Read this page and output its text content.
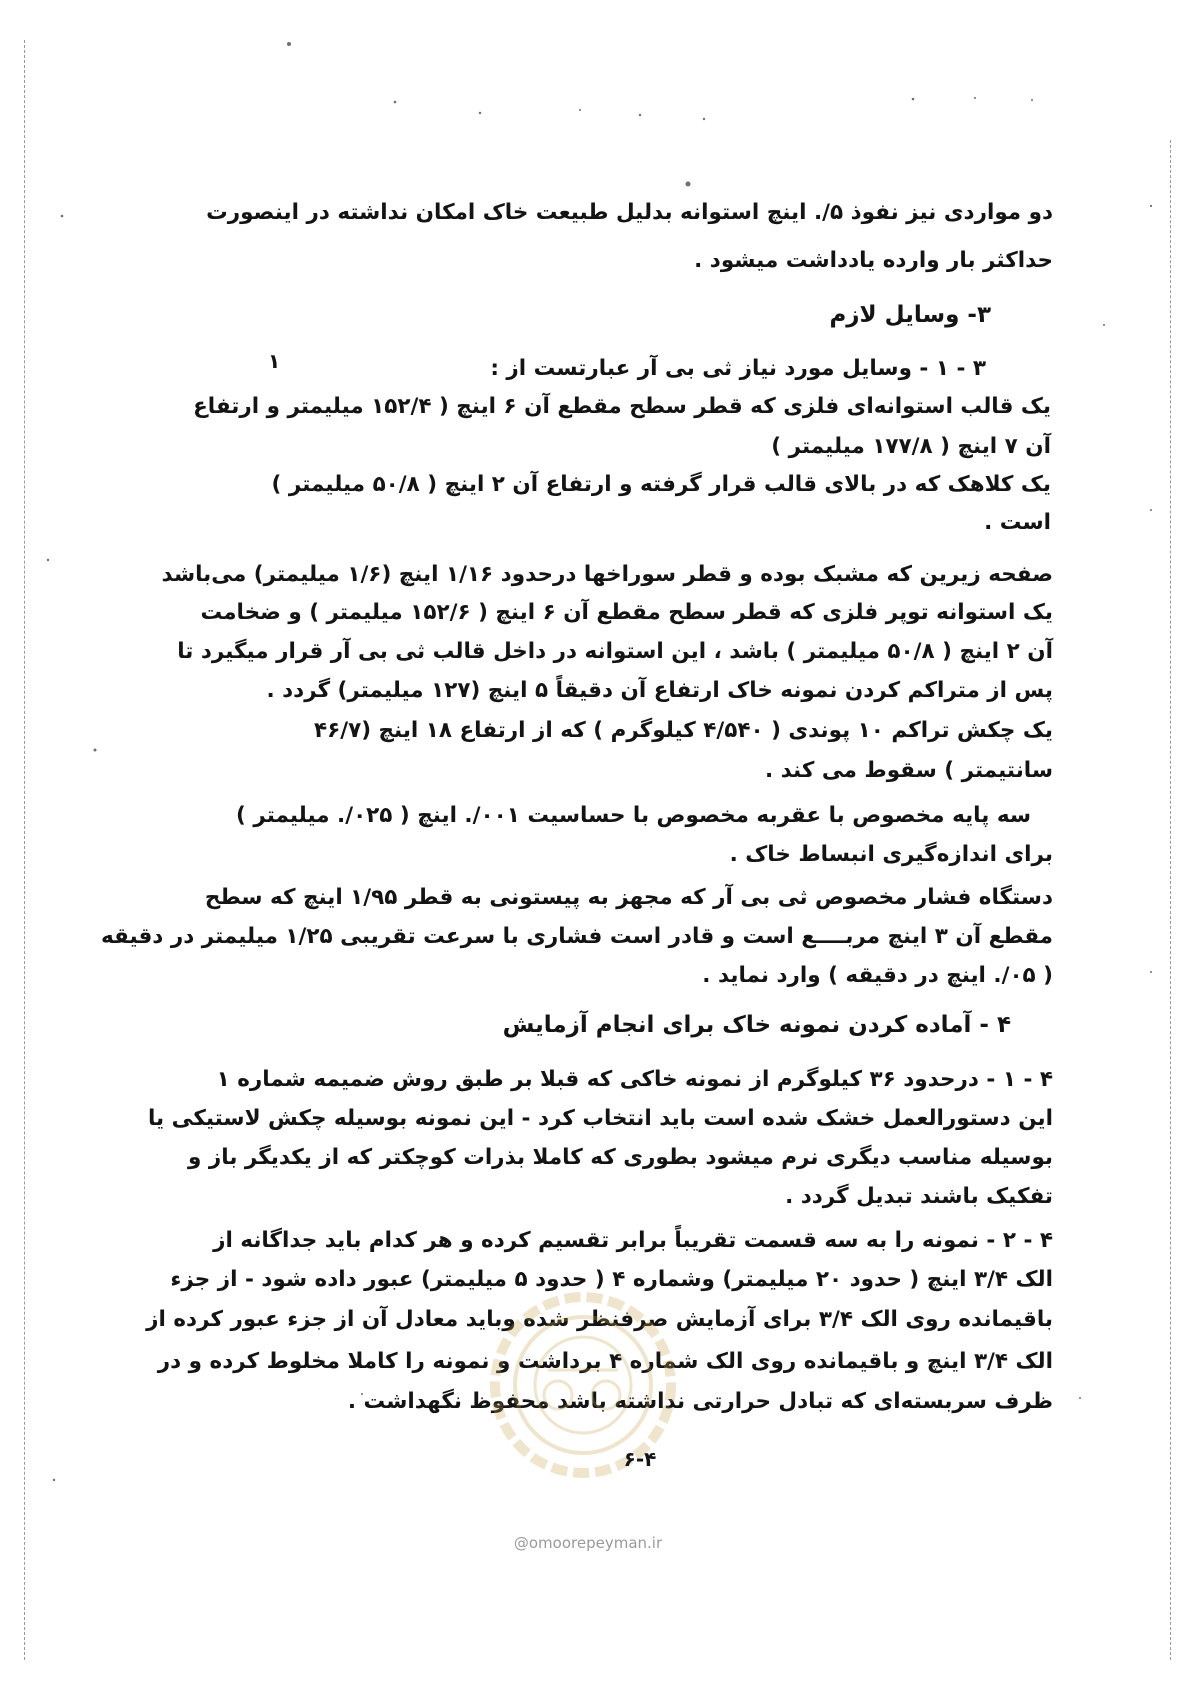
دو مواردی نیز نفوذ ۵/. اینچ استوانه بدلیل طبیعت خاک امکان نداشته در اینصورت
حداکثر بار وارده یادداشت میشود .
۳- وسایل لازم
۱	۳ - ۱ - وسایل مورد نیاز ثی بی آر عبارتست از :
یک قالب استوانه‌ای فلزی که قطر سطح مقطع آن ۶ اینچ ( ۱۵۲/۴ میلیمتر و ارتفاع
آن ۷ اینچ ( ۱۷۷/۸ میلیمتر )
یک کلاهک که در بالای قالب قرار گرفته و ارتفاع آن ۲ اینچ ( ۵۰/۸ میلیمتر )
است .
صفحه زیرین که مشبک بوده و قطر سوراخها درحدود ۱/۱۶ اینچ (۱/۶ میلیمتر) می‌باشد
یک استوانه توپر فلزی که قطر سطح مقطع آن ۶ اینچ ( ۱۵۲/۶ میلیمتر ) و ضخامت
آن ۲ اینچ ( ۵۰/۸ میلیمتر ) باشد ، این استوانه در داخل قالب ثی بی آر قرار میگیرد تا
پس از متراکم کردن نمونه خاک ارتفاع آن دقیقاً ۵ اینچ (۱۲۷ میلیمتر) گردد .
یک چکش تراکم ۱۰ پوندی ( ۴/۵۴۰ کیلوگرم ) که از ارتفاع ۱۸ اینچ (۴۶/۷
سانتیمتر ) سقوط می کند .
سه پایه مخصوص با عقربه مخصوص با حساسیت ۰۰۱/. اینچ ( ۰۲۵/. میلیمتر )
برای اندازه‌گیری انبساط خاک .
دستگاه فشار مخصوص ثی بی آر که مجهز به پیستونی به قطر ۱/۹۵ اینچ که سطح
مقطع آن ۳ اینچ مربــــع است و قادر است فشاری با سرعت تقریبی ۱/۲۵ میلیمتر در دقیقه
( ۰۵/. اینچ در دقیقه ) وارد نماید .
۴ - آماده کردن نمونه خاک برای انجام آزمایش
۴ - ۱ - درحدود ۳۶ کیلوگرم از نمونه خاکی که قبلا بر طبق روش ضمیمه شماره ۱
این دستورالعمل خشک شده است باید انتخاب کرد - این نمونه بوسیله چکش لاستیکی یا
بوسیله مناسب دیگری نرم میشود بطوری که کاملا بذرات کوچکتر که از یکدیگر باز و
تفکیک باشند تبدیل گردد .
۴ - ۲ - نمونه را به سه قسمت تقریباً برابر تقسیم کرده و هر کدام باید جداگانه از
الک ۳/۴ اینچ ( حدود ۲۰ میلیمتر) وشماره ۴ ( حدود ۵ میلیمتر) عبور داده شود - از جزء
باقیمانده روی الک ۳/۴ برای آزمایش صرفنظر شده وباید معادل آن از جزء عبور کرده از
الک ۳/۴ اینچ و باقیمانده روی الک شماره ۴ برداشت و نمونه را کاملا مخلوط کرده و در
ظرف سربسته‌ای که تبادل حرارتی نداشته باشد محفوظ نگهداشت .
۶-۴
@omoorepeyman.ir
